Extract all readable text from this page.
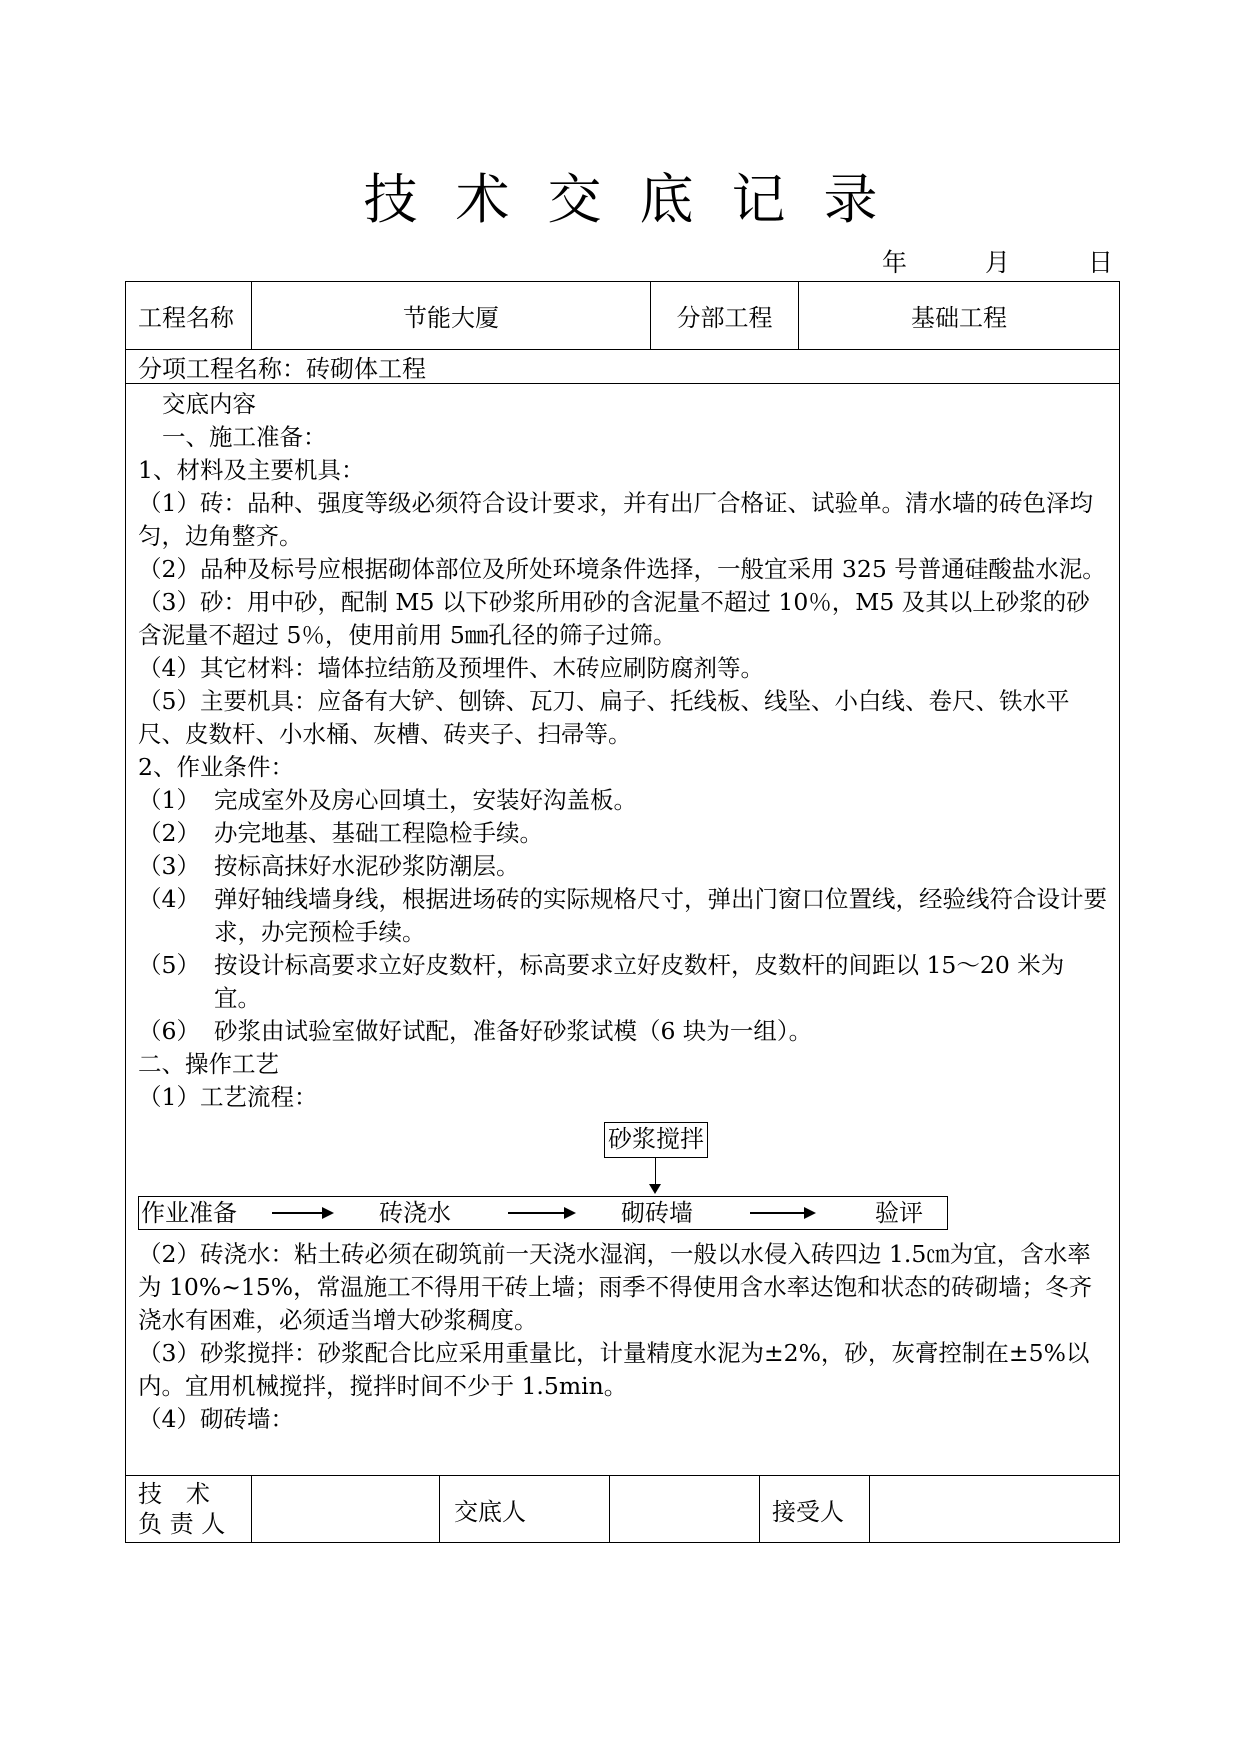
技术交底记录
年	月	日
工程名称	节能大厦	分部工程	基础工程
分项工程名称：砖砌体工程

交底内容

一、施工准备：

1、材料及主要机具：

（1）砖：品种、强度等级必须符合设计要求，并有出厂合格证、试验单。清水墙的砖色泽均匀，边角整齐。

（2）品种及标号应根据砌体部位及所处环境条件选择，一般宜采用 325 号普通硅酸盐水泥。

（3）砂：用中砂，配制 M5 以下砂浆所用砂的含泥量不超过 10％，M5 及其以上砂浆的砂含泥量不超过 5％，使用前用 5㎜孔径的筛子过筛。

（4）其它材料：墙体拉结筋及预埋件、木砖应刷防腐剂等。

（5）主要机具：应备有大铲、刨锛、瓦刀、扁子、托线板、线坠、小白线、卷尺、铁水平尺、皮数杆、小水桶、灰槽、砖夹子、扫帚等。

2、作业条件：

（1） 完成室外及房心回填土，安装好沟盖板。
（2） 办完地基、基础工程隐检手续。
（3） 按标高抹好水泥砂浆防潮层。
（4） 弹好轴线墙身线，根据进场砖的实际规格尺寸，弹出门窗口位置线，经验线符合设计要求，办完预检手续。
（5） 按设计标高要求立好皮数杆，标高要求立好皮数杆，皮数杆的间距以 15～20 米为宜。
（6） 砂浆由试验室做好试配，准备好砂浆试模（6 块为一组）。

二、操作工艺

（1）工艺流程：

砂浆搅拌
作业准备	砖浇水	砌砖墙	验评

（2）砖浇水：粘土砖必须在砌筑前一天浇水湿润，一般以水侵入砖四边 1.5㎝为宜，含水率为 10%~15%，常温施工不得用干砖上墙；雨季不得使用含水率达饱和状态的砖砌墙；冬齐浇水有困难，必须适当增大砂浆稠度。

（3）砂浆搅拌：砂浆配合比应采用重量比，计量精度水泥为±2%，砂，灰膏控制在±5%以内。宜用机械搅拌，搅拌时间不少于 1.5min。

（4）砌砖墙：

技　术
负 责 人	交底人	接受人
